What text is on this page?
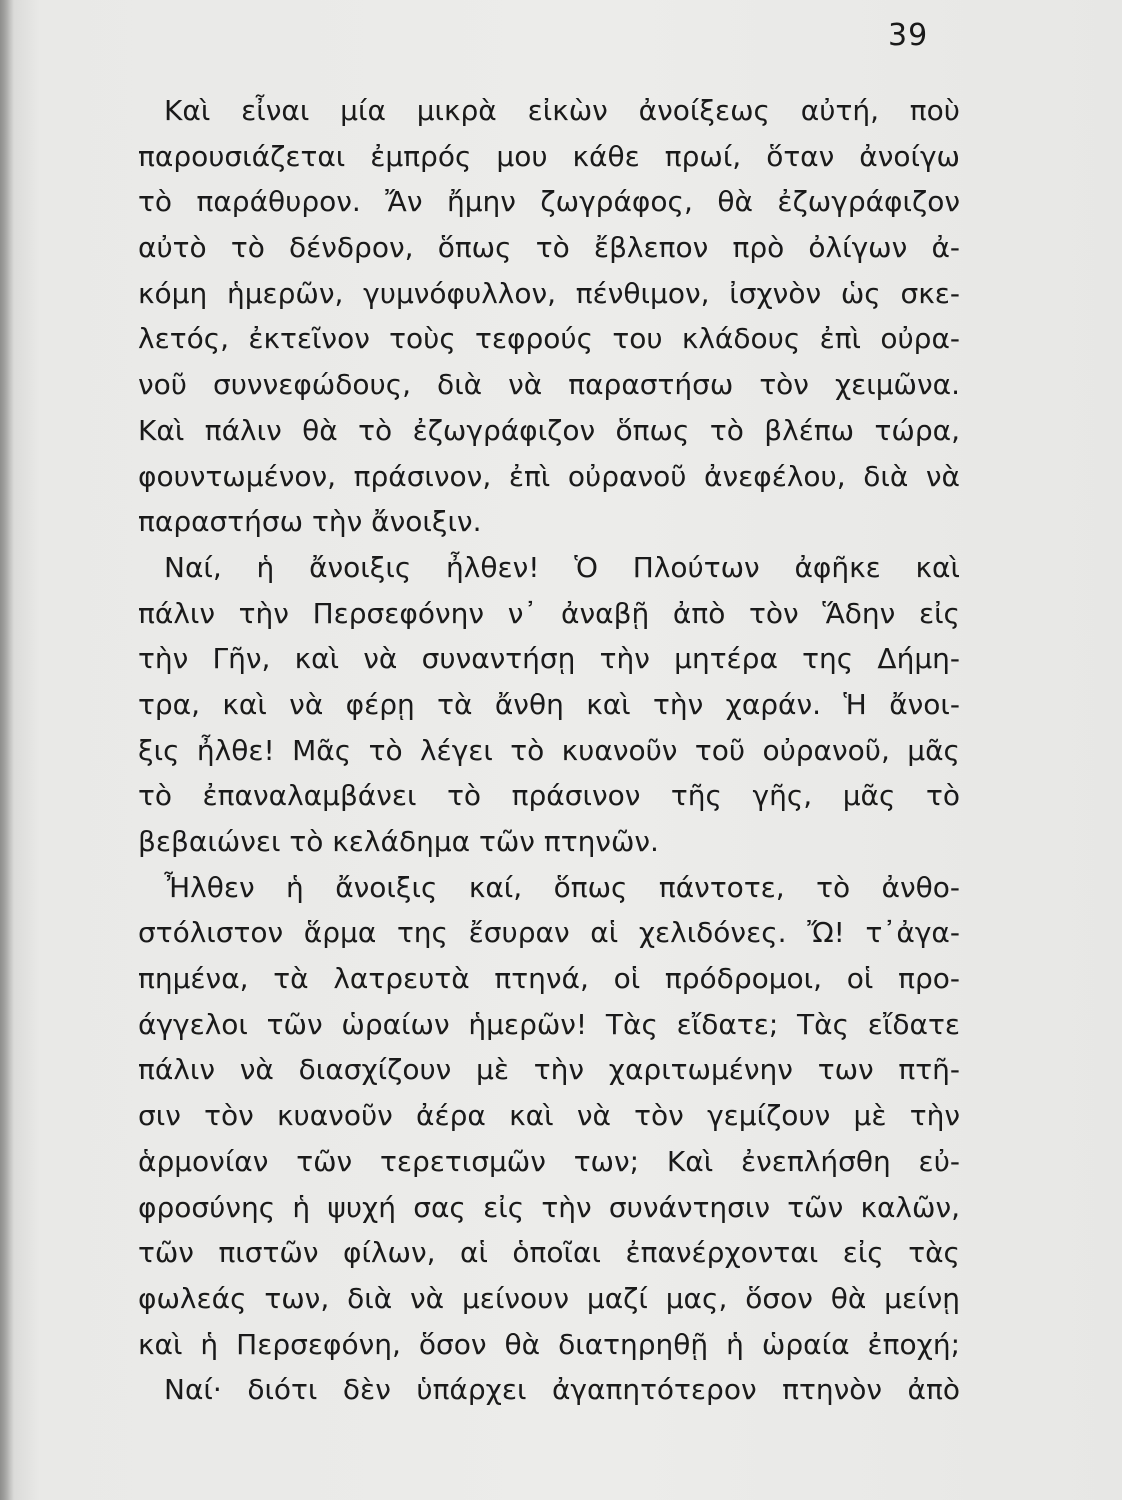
39
Καὶ εἶναι μία μικρὰ εἰκὼν ἀνοίξεως αὐτή, ποὺ
παρουσιάζεται ἐμπρός μου κάθε πρωί, ὅταν ἀνοίγω
τὸ παράθυρον. Ἄν ἤμην ζωγράφος, θὰ ἐζωγράφιζον
αὐτὸ τὸ δένδρον, ὅπως τὸ ἔβλεπον πρὸ ὀλίγων ἀ-
κόμη ἡμερῶν, γυμνόφυλλον, πένθιμον, ἰσχνὸν ὡς σκε-
λετός, ἐκτεῖνον τοὺς τεφρούς του κλάδους ἐπὶ οὐρα-
νοῦ συννεφώδους, διὰ νὰ παραστήσω τὸν χειμῶνα.
Καὶ πάλιν θὰ τὸ ἐζωγράφιζον ὅπως τὸ βλέπω τώρα,
φουντωμένον, πράσινον, ἐπὶ οὐρανοῦ ἀνεφέλου, διὰ νὰ
παραστήσω τὴν ἄνοιξιν.
Ναί, ἡ ἄνοιξις ἦλθεν! Ὁ Πλούτων ἀφῆκε καὶ
πάλιν τὴν Περσεφόνην ν᾽ ἀναβῇ ἀπὸ τὸν Ἅδην εἰς
τὴν Γῆν, καὶ νὰ συναντήσῃ τὴν μητέρα της Δήμη-
τρα, καὶ νὰ φέρῃ τὰ ἄνθη καὶ τὴν χαράν. Ἡ ἄνοι-
ξις ἦλθε! Μᾶς τὸ λέγει τὸ κυανοῦν τοῦ οὐρανοῦ, μᾶς
τὸ ἐπαναλαμβάνει τὸ πράσινον τῆς γῆς, μᾶς τὸ
βεβαιώνει τὸ κελάδημα τῶν πτηνῶν.
Ἦλθεν ἡ ἄνοιξις καί, ὅπως πάντοτε, τὸ ἀνθο-
στόλιστον ἅρμα της ἔσυραν αἱ χελιδόνες. Ὤ! τ᾽ἀγα-
πημένα, τὰ λατρευτὰ πτηνά, οἱ πρόδρομοι, οἱ προ-
άγγελοι τῶν ὡραίων ἡμερῶν! Τὰς εἴδατε; Τὰς εἴδατε
πάλιν νὰ διασχίζουν μὲ τὴν χαριτωμένην των πτῆ-
σιν τὸν κυανοῦν ἀέρα καὶ νὰ τὸν γεμίζουν μὲ τὴν
ἁρμονίαν τῶν τερετισμῶν των; Καὶ ἐνεπλήσθη εὐ-
φροσύνης ἡ ψυχή σας εἰς τὴν συνάντησιν τῶν καλῶν,
τῶν πιστῶν φίλων, αἱ ὁποῖαι ἐπανέρχονται εἰς τὰς
φωλεάς των, διὰ νὰ μείνουν μαζί μας, ὅσον θὰ μείνῃ
καὶ ἡ Περσεφόνη, ὅσον θὰ διατηρηθῇ ἡ ὡραία ἐποχή;
Ναί· διότι δὲν ὑπάρχει ἀγαπητότερον πτηνὸν ἀπὸ
